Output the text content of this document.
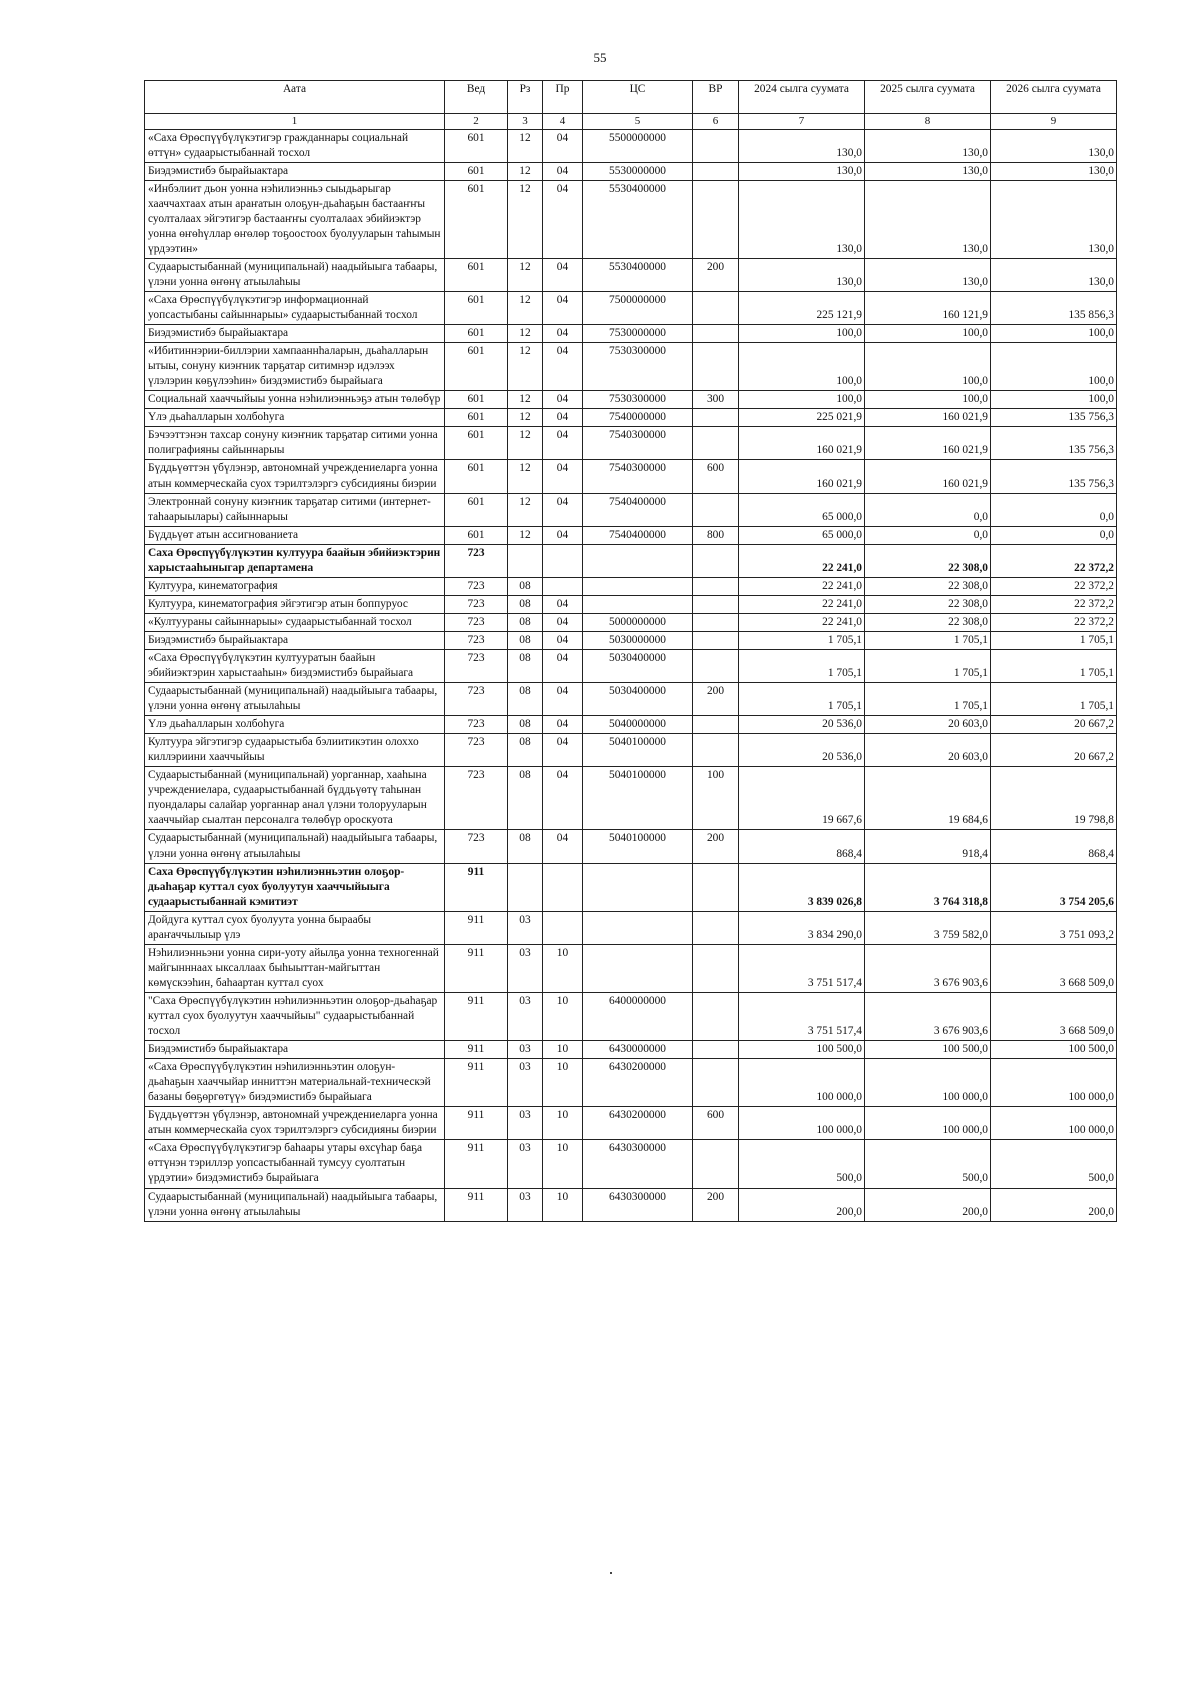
55
Аата	Вед	Рз	Пр	ЦС	ВР	2024 сылга суумата	2025 сылга суумата	2026 сылга суумата
1	2	3	4	5	6	7	8	9
«Саха Өрөспүүбүлүкэтигэр гражданнары социальнай өттүн» судаарыстыбаннай тосхол	601	12	04	5500000000		130,0	130,0	130,0
Биэдэмистибэ бырайыактара	601	12	04	5530000000		130,0	130,0	130,0
«Инбэлиит дьон уонна нэһилиэнньэ сыыдьарыгар хааччахтаах атын араҥатын олоҕун-дьаһаҕын бастааҥҥы суолталаах эйгэтигэр бастааҥҥы суолталаах эбийиэктэр уонна өҥөһүллар өҥөлөр тоҕоостоох буолууларын таһымын үрдээтин»	601	12	04	5530400000		130,0	130,0	130,0
Судаарыстыбаннай (муниципальнай) наадыйыыга табаары, үлэни уонна өҥөнү атыылаһыы	601	12	04	5530400000	200	130,0	130,0	130,0
«Саха Өрөспүүбүлүкэтигэр информационнай уопсастыбаны сайыннарыы» судаарыстыбаннай тосхол	601	12	04	7500000000		225 121,9	160 121,9	135 856,3
Биэдэмистибэ бырайыактара	601	12	04	7530000000		100,0	100,0	100,0
«Ибитиннэрии-биллэрии хампааннһаларын, дьаһалларын ытыы, сонуну киэҥник тарҕатар ситимнэр идэлээх үлэлэрин көҕүлээһин» биэдэмистибэ бырайыага	601	12	04	7530300000		100,0	100,0	100,0
Социальнай хааччыйыы уонна нэһилиэнньэҕэ атын төлөбүр	601	12	04	7530300000	300	100,0	100,0	100,0
Үлэ дьаһалларын холбоһуга	601	12	04	7540000000		225 021,9	160 021,9	135 756,3
Бэчээттэнэн тахсар сонуну киэҥник тарҕатар ситими уонна полиграфияны сайыннарыы	601	12	04	7540300000		160 021,9	160 021,9	135 756,3
Бүддьүөттэн үбүлэнэр, автономнай учреждениеларга уонна атын коммерческайа суох тэрилтэлэргэ субсидияны биэрии	601	12	04	7540300000	600	160 021,9	160 021,9	135 756,3
Электроннай сонуну киэҥник тарҕатар ситими (интернет-таһаарыылары) сайыннарыы	601	12	04	7540400000		65 000,0	0,0	0,0
Бүддьүөт атын ассигнованиета	601	12	04	7540400000	800	65 000,0	0,0	0,0
Саха Өрөспүүбүлүкэтин култуура баайын эбийиэктэрин харыстааһыныгар департамена	723					22 241,0	22 308,0	22 372,2
Култуура, кинематография	723	08				22 241,0	22 308,0	22 372,2
Култуура, кинематография эйгэтигэр атын боппуруос	723	08	04			22 241,0	22 308,0	22 372,2
«Култуураны сайыннарыы» судаарыстыбаннай тосхол	723	08	04	5000000000		22 241,0	22 308,0	22 372,2
Биэдэмистибэ бырайыактара	723	08	04	5030000000		1 705,1	1 705,1	1 705,1
«Саха Өрөспүүбүлүкэтин култууратын баайын эбийиэктэрин харыстааһын» биэдэмистибэ бырайыага	723	08	04	5030400000		1 705,1	1 705,1	1 705,1
Судаарыстыбаннай (муниципальнай) наадыйыыга табаары, үлэни уонна өҥөнү атыылаһыы	723	08	04	5030400000	200	1 705,1	1 705,1	1 705,1
Үлэ дьаһалларын холбоһуга	723	08	04	5040000000		20 536,0	20 603,0	20 667,2
Култуура эйгэтигэр судаарыстыба бэлиитикэтин олоххо киллэриини хааччыйыы	723	08	04	5040100000		20 536,0	20 603,0	20 667,2
Судаарыстыбаннай (муниципальнай) уорганнар, хааһына учреждениелара, судаарыстыбаннай бүддьүөтү таһынан пуондалары салайар уорганнар анал үлэни толорууларын хааччыйар сыалтан персоналга төлөбүр ороскуота	723	08	04	5040100000	100	19 667,6	19 684,6	19 798,8
Судаарыстыбаннай (муниципальнай) наадыйыыга табаары, үлэни уонна өҥөнү атыылаһыы	723	08	04	5040100000	200	868,4	918,4	868,4
Саха Өрөспүүбүлүкэтин нэһилиэнньэтин олоҕор-дьаһаҕар куттал суох буолуутун хааччыйыыга судаарыстыбаннай кэмитиэт	911					3 839 026,8	3 764 318,8	3 754 205,6
Дойдуга куттал суох буолуута уонна быраабы араҥаччылыыр үлэ	911	03				3 834 290,0	3 759 582,0	3 751 093,2
Нэһилиэнньэни уонна сири-уоту айылҕа уонна техногеннай майгынннаах ыксаллаах быһыыттан-майгыттан көмүскээһин, баһаартан куттал суох	911	03	10			3 751 517,4	3 676 903,6	3 668 509,0
"Саха Өрөспүүбүлүкэтин нэһилиэнньэтин олоҕор-дьаһаҕар куттал суох буолуутун хааччыйыы" судаарыстыбаннай тосхол	911	03	10	6400000000		3 751 517,4	3 676 903,6	3 668 509,0
Биэдэмистибэ бырайыактара	911	03	10	6430000000		100 500,0	100 500,0	100 500,0
«Саха Өрөспүүбүлүкэтин нэһилиэнньэтин олоҕун-дьаһаҕын хааччыйар инниттэн материальнай-техническэй базаны бөҕөргөтүү» биэдэмистибэ бырайыага	911	03	10	6430200000		100 000,0	100 000,0	100 000,0
Бүддьүөттэн үбүлэнэр, автономнай учреждениеларга уонна атын коммерческайа суох тэрилтэлэргэ субсидияны биэрии	911	03	10	6430200000	600	100 000,0	100 000,0	100 000,0
«Саха Өрөспүүбүлүкэтигэр баһаары утары өхсүһар баҕа өттүнэн тэриллэр уопсастыбаннай тумсуу суолтатын үрдэтии» биэдэмистибэ бырайыага	911	03	10	6430300000		500,0	500,0	500,0
Судаарыстыбаннай (муниципальнай) наадыйыыга табаары, үлэни уонна өҥөнү атыылаһыы	911	03	10	6430300000	200	200,0	200,0	200,0
